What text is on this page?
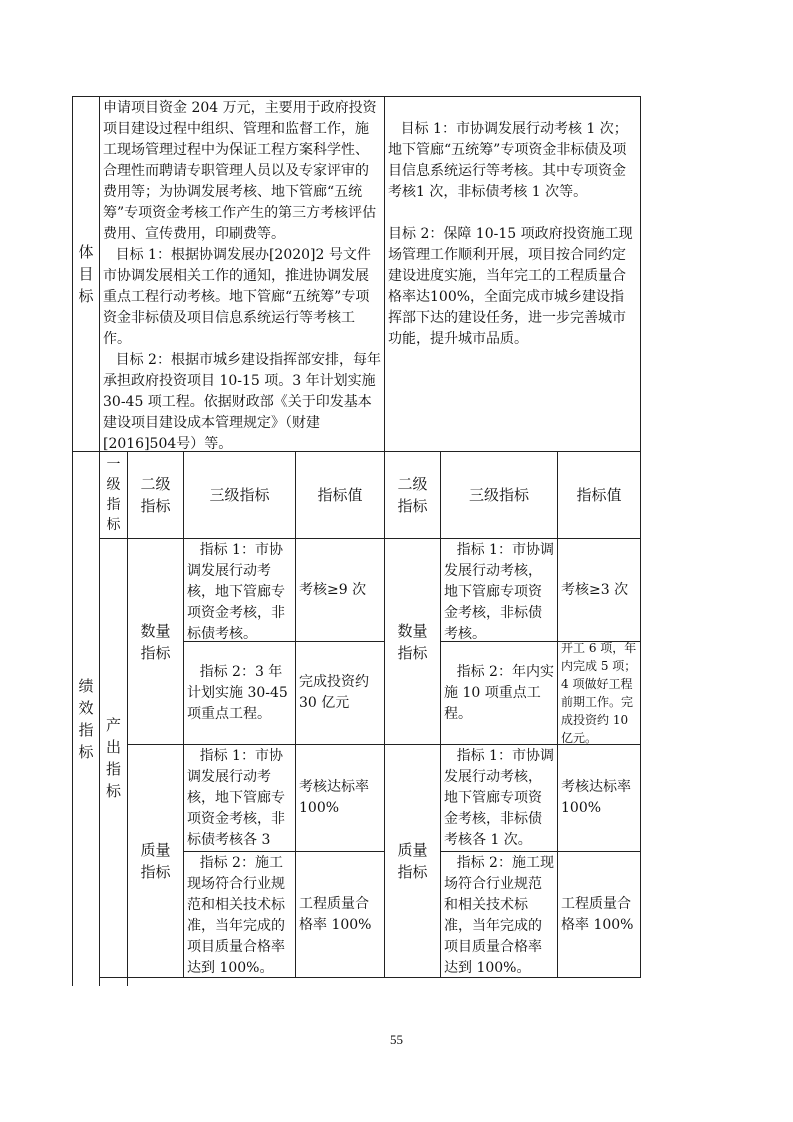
体目标

申请项目资金 204 万元，主要用于政府投资项目建设过程中组织、管理和监督工作，施工现场管理过程中为保证工程方案科学性、合理性而聘请专职管理人员以及专家评审的费用等；为协调发展考核、地下管廊“五统筹”专项资金考核工作产生的第三方考核评估费用、宣传费用，印刷费等。

目标 1：根据协调发展办[2020]2 号文件市协调发展相关工作的通知，推进协调发展重点工程行动考核。地下管廊“五统筹”专项资金非标债及项目信息系统运行等考核工作。

目标 2：根据市城乡建设指挥部安排，每年承担政府投资项目 10-15 项。3 年计划实施 30-45 项工程。依据财政部《关于印发基本建设项目建设成本管理规定》（财建[2016]504号）等。

目标 1：市协调发展行动考核 1 次；地下管廊“五统筹”专项资金非标债及项目信息系统运行等考核。其中专项资金考核1 次，非标债考核 1 次等。

目标 2：保障 10-15 项政府投资施工现场管理工作顺利开展，项目按合同约定建设进度实施，当年完工的工程质量合格率达100%，全面完成市城乡建设指挥部下达的建设任务，进一步完善城市功能，提升城市品质。

绩效指标
一级指标
二级指标
三级指标	指标值
二级指标
三级指标	指标值
产出指标
数量指标
质量指标
数量指标
质量指标
指标 1：市协调发展行动考核，地下管廊专项资金考核，非标债考核。
考核≥9 次
指标 2：3 年计划实施 30-45 项重点工程。
完成投资约30 亿元
指标 1：市协调发展行动考核，地下管廊专项资金考核，非标债考核各 3
考核达标率100%
指标 2：施工现场符合行业规范和相关技术标准，当年完成的项目质量合格率达到 100%。
工程质量合格率 100%
指标 1：市协调发展行动考核，地下管廊专项资金考核，非标债考核。
考核≥3 次
指标 2：年内实施 10 项重点工程。
开工 6 项，年内完成 5 项；4 项做好工程前期工作。完成投资约 10 亿元。
指标 1：市协调发展行动考核，地下管廊专项资金考核，非标债考核各 1 次。
考核达标率100%
指标 2：施工现场符合行业规范和相关技术标准，当年完成的项目质量合格率达到 100%。
工程质量合格率 100%
55
